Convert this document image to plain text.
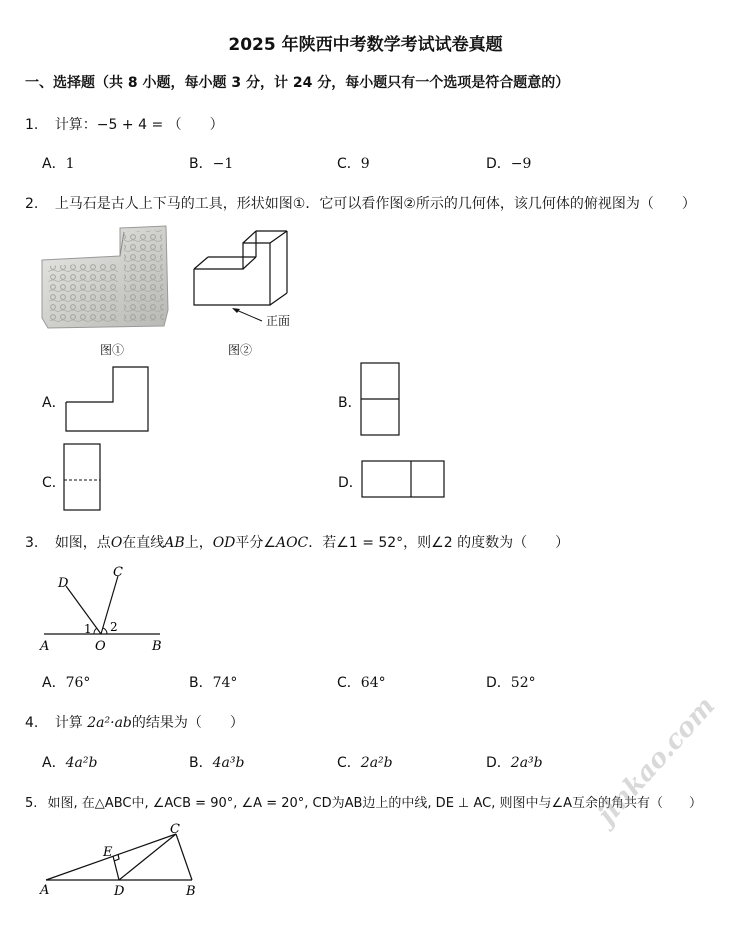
2025 年陕西中考数学考试试卷真题
一、选择题（共 8 小题，每小题 3 分，计 24 分，每小题只有一个选项是符合题意的）
1. 计算：−5 + 4 = （　　）
A．1	B．−1	C．9	D．−9
2. 上马石是古人上下马的工具，形状如图①．它可以看作图②所示的几何体，该几何体的俯视图为（　　）
图①
正面
图②
A．	B．
C．	D．
3. 如图，点O在直线AB上，OD平分∠AOC．若∠1 = 52°，则∠2 的度数为（　　）
D
C
A	O	B
1 2
A．76°	B．74°	C．64°	D．52°
4. 计算 2a²·ab的结果为（　　）
A．4a²b	B．4a³b	C．2a²b	D．2a³b
5. 如图, 在△ABC中, ∠ACB = 90°, ∠A = 20°, CD为AB边上的中线, DE ⊥ AC, 则图中与∠A互余的角共有（　　）
C
E
A	D	B
jinkao.com
